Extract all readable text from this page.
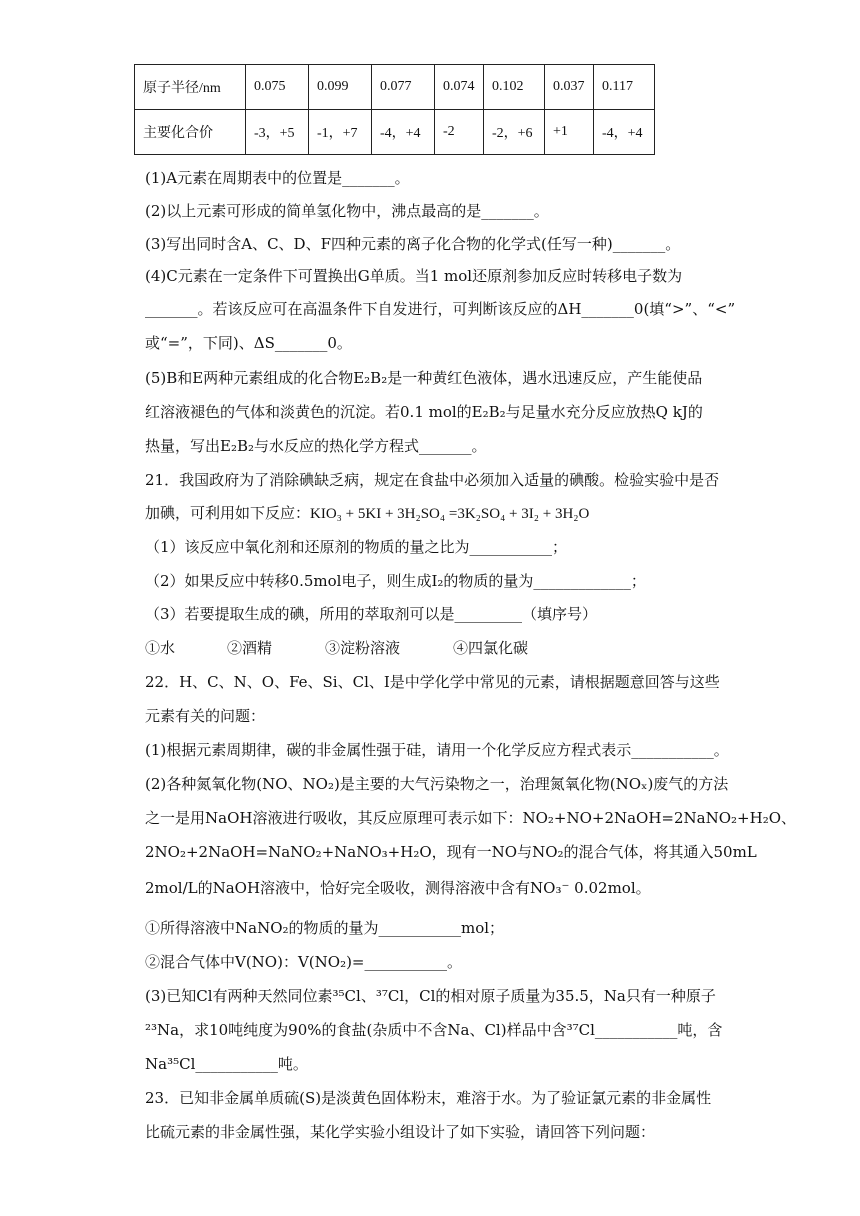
原子半径/nm	0.075	0.099	0.077	0.074	0.102	0.037	0.117
主要化合价	-3，+5	-1，+7	-4，+4	-2	-2，+6	+1	-4，+4
(1)A元素在周期表中的位置是_______。
(2)以上元素可形成的简单氢化物中，沸点最高的是_______。
(3)写出同时含A、C、D、F四种元素的离子化合物的化学式(任写一种)_______。
(4)C元素在一定条件下可置换出G单质。当1 mol还原剂参加反应时转移电子数为
_______。若该反应可在高温条件下自发进行，可判断该反应的ΔH_______0(填“>”、“<”
或“=”，下同)、ΔS_______0。
(5)B和E两种元素组成的化合物E₂B₂是一种黄红色液体，遇水迅速反应，产生能使品
红溶液褪色的气体和淡黄色的沉淀。若0.1 mol的E₂B₂与足量水充分反应放热Q kJ的
热量，写出E₂B₂与水反应的热化学方程式_______。
21．我国政府为了消除碘缺乏病，规定在食盐中必须加入适量的碘酸。检验实验中是否
加碘，可利用如下反应：KIO₃ + 5KI + 3H₂SO₄ =3K₂SO₄ + 3I₂ + 3H₂O
（1）该反应中氧化剂和还原剂的物质的量之比为___________；
（2）如果反应中转移0.5mol电子，则生成I₂的物质的量为_____________；
（3）若要提取生成的碘，所用的萃取剂可以是_________（填序号）
①水	②酒精	③淀粉溶液	④四氯化碳
22．H、C、N、O、Fe、Si、Cl、I是中学化学中常见的元素，请根据题意回答与这些
元素有关的问题：
(1)根据元素周期律，碳的非金属性强于硅，请用一个化学反应方程式表示___________。
(2)各种氮氧化物(NO、NO₂)是主要的大气污染物之一，治理氮氧化物(NOₓ)废气的方法
之一是用NaOH溶液进行吸收，其反应原理可表示如下：NO₂+NO+2NaOH=2NaNO₂+H₂O、
2NO₂+2NaOH=NaNO₂+NaNO₃+H₂O，现有一NO与NO₂的混合气体，将其通入50mL
2mol/L的NaOH溶液中，恰好完全吸收，测得溶液中含有NO₃⁻ 0.02mol。
①所得溶液中NaNO₂的物质的量为___________mol；
②混合气体中V(NO)：V(NO₂)=___________。
(3)已知Cl有两种天然同位素³⁵Cl、³⁷Cl，Cl的相对原子质量为35.5，Na只有一种原子
²³Na，求10吨纯度为90%的食盐(杂质中不含Na、Cl)样品中含³⁷Cl___________吨，含
Na³⁵Cl___________吨。
23．已知非金属单质硫(S)是淡黄色固体粉末，难溶于水。为了验证氯元素的非金属性
比硫元素的非金属性强，某化学实验小组设计了如下实验，请回答下列问题：
